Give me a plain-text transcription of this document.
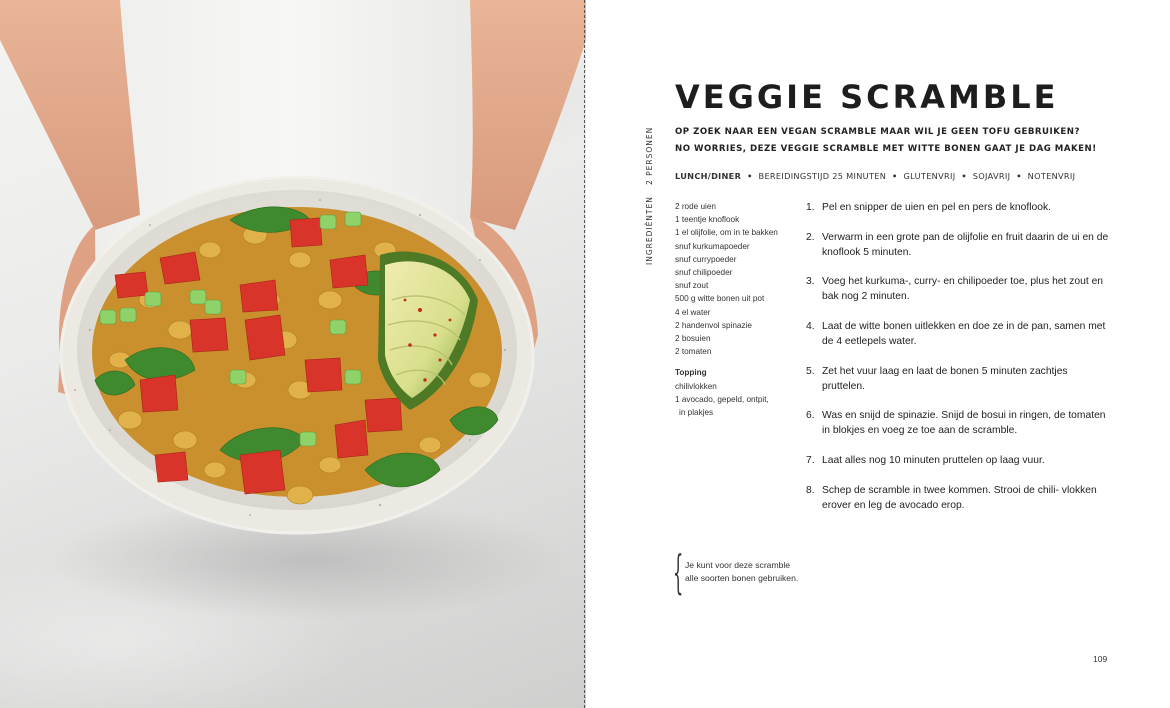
VEGGIE SCRAMBLE
OP ZOEK NAAR EEN VEGAN SCRAMBLE MAAR WIL JE GEEN TOFU GEBRUIKEN?
NO WORRIES, DEZE VEGGIE SCRAMBLE MET WITTE BONEN GAAT JE DAG MAKEN!
2 PERSONEN
INGREDIËNTEN
LUNCH/DINER • BEREIDINGSTIJD 25 MINUTEN • GLUTENVRIJ • SOJAVRIJ • NOTENVRIJ
2 rode uien
1 teentje knoflook
1 el olijfolie, om in te bakken
snuf kurkumapoeder
snuf currypoeder
snuf chilipoeder
snuf zout
500 g witte bonen uit pot
4 el water
2 handenvol spinazie
2 bosuien
2 tomaten
Topping
chilivlokken
1 avocado, gepeld, ontpit,
in plakjes
1. Pel en snipper de uien en pel en pers de knoflook.
2. Verwarm in een grote pan de olijfolie en fruit daarin de ui en de knoflook 5 minuten.
3. Voeg het kurkuma-, curry- en chilipoeder toe, plus het zout en bak nog 2 minuten.
4. Laat de witte bonen uitlekken en doe ze in de pan, samen met de 4 eetlepels water.
5. Zet het vuur laag en laat de bonen 5 minuten zachtjes pruttelen.
6. Was en snijd de spinazie. Snijd de bosui in ringen, de tomaten in blokjes en voeg ze toe aan de scramble.
7. Laat alles nog 10 minuten pruttelen op laag vuur.
8. Schep de scramble in twee kommen. Strooi de chili- vlokken erover en leg de avocado erop.
{ Je kunt voor deze scramble
alle soorten bonen gebruiken.
109
